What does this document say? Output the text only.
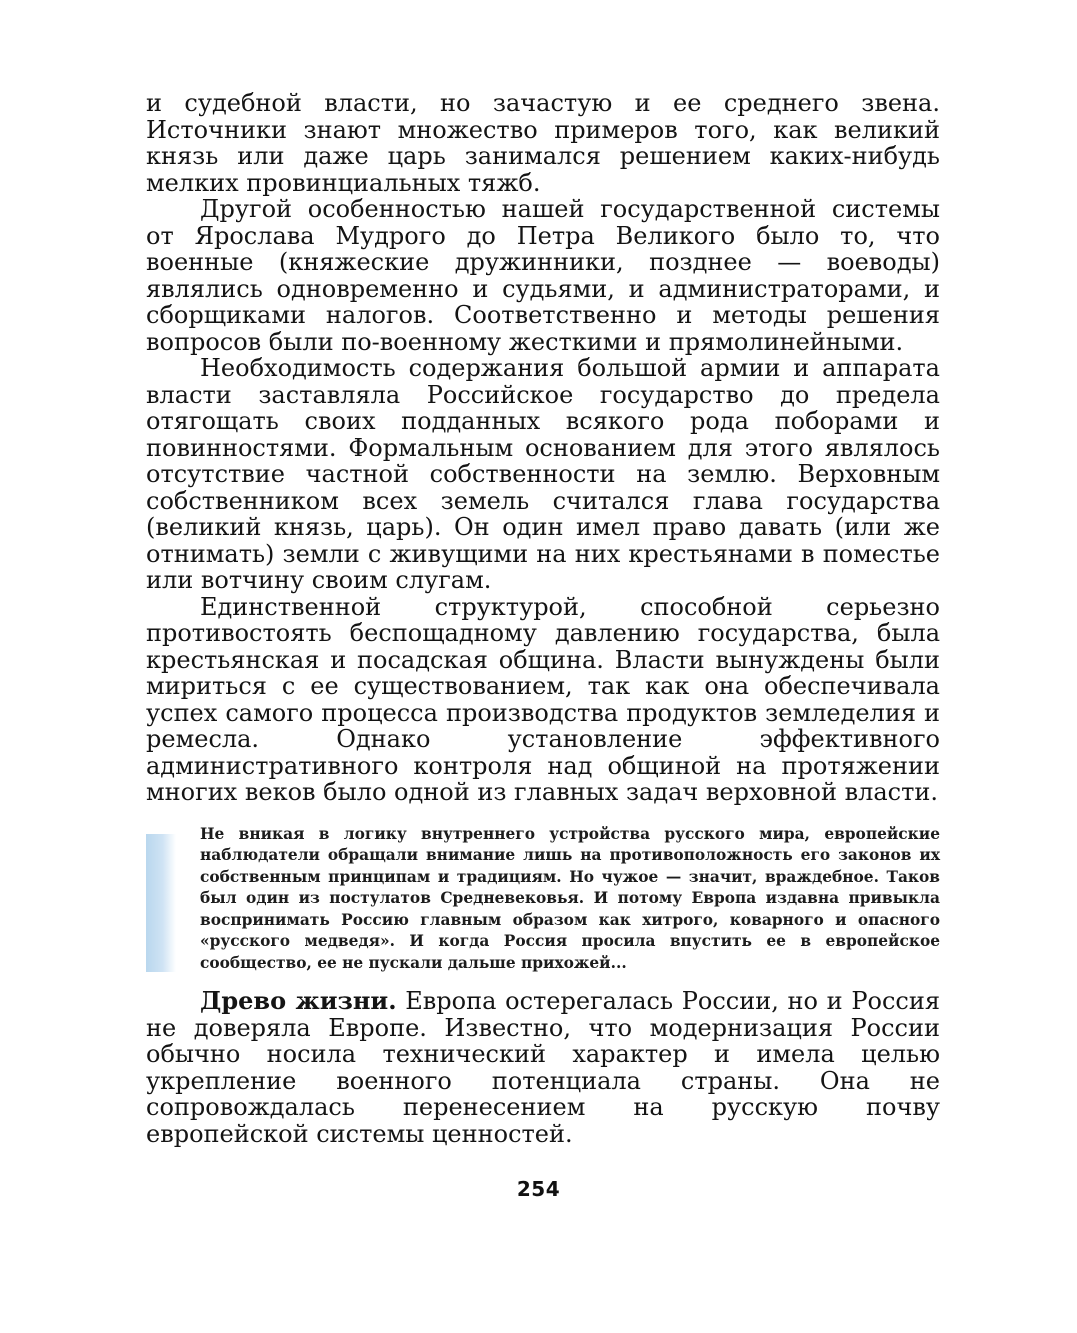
и судебной власти, но зачастую и ее среднего звена. Источники знают множество примеров того, как великий князь или даже царь занимался решением каких-нибудь мелких провинциальных тяжб.

Другой особенностью нашей государственной системы от Ярослава Мудрого до Петра Великого было то, что военные (княжеские дружинники, позднее — воеводы) являлись одновременно и судьями, и администраторами, и сборщиками налогов. Соответственно и методы решения вопросов были по-военному жесткими и прямолинейными.

Необходимость содержания большой армии и аппарата власти заставляла Российское государство до предела отягощать своих подданных всякого рода поборами и повинностями. Формальным основанием для этого являлось отсутствие частной собственности на землю. Верховным собственником всех земель считался глава государства (великий князь, царь). Он один имел право давать (или же отнимать) земли с живущими на них крестьянами в поместье или вотчину своим слугам.

Единственной структурой, способной серьезно противостоять беспощадному давлению государства, была крестьянская и посадская община. Власти вынуждены были мириться с ее существованием, так как она обеспечивала успех самого процесса производства продуктов земледелия и ремесла. Однако установление эффективного административного контроля над общиной на протяжении многих веков было одной из главных задач верховной власти.

Не вникая в логику внутреннего устройства русского мира, европейские наблюдатели обращали внимание лишь на противоположность его законов их собственным принципам и традициям. Но чужое — значит, враждебное. Таков был один из постулатов Средневековья. И потому Европа издавна привыкла воспринимать Россию главным образом как хитрого, коварного и опасного «русского медведя». И когда Россия просила впустить ее в европейское сообщество, ее не пускали дальше прихожей...

Древо жизни. Европа остерегалась России, но и Россия не доверяла Европе. Известно, что модернизация России обычно носила технический характер и имела целью укрепление военного потенциала страны. Она не сопровождалась перенесением на русскую почву европейской системы ценностей.

254
